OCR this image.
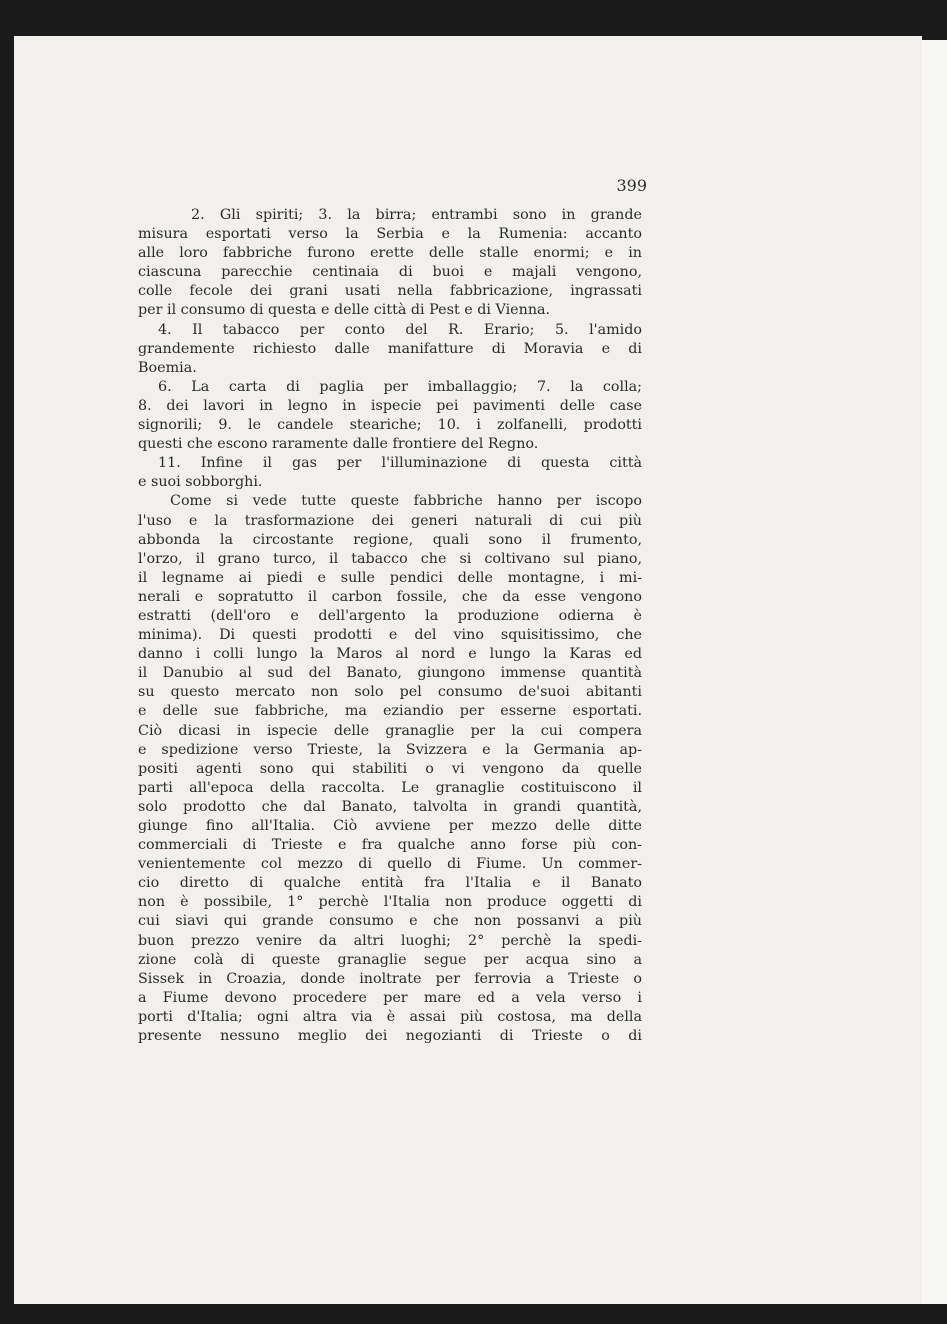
399

2. Gli spiriti; 3. la birra; entrambi sono in grande

misura esportati verso la Serbia e la Rumenia: accanto

alle loro fabbriche furono erette delle stalle enormi; e in

ciascuna parecchie centinaia di buoi e majali vengono,

colle fecole dei grani usati nella fabbricazione, ingrassati

per il consumo di questa e delle città di Pest e di Vienna.

4. Il tabacco per conto del R. Erario; 5. l'amido

grandemente richiesto dalle manifatture di Moravia e di

Boemia.

6. La carta di paglia per imballaggio; 7. la colla;

8. dei lavori in legno in ispecie pei pavimenti delle case

signorili; 9. le candele steariche; 10. i zolfanelli, prodotti

questi che escono raramente dalle frontiere del Regno.

11. Infine il gas per l'illuminazione di questa città

e suoi sobborghi.

Come si vede tutte queste fabbriche hanno per iscopo

l'uso e la trasformazione dei generi naturali di cui più

abbonda la circostante regione, quali sono il frumento,

l'orzo, il grano turco, il tabacco che si coltivano sul piano,

il legname ai piedi e sulle pendici delle montagne, i mi-

nerali e sopratutto il carbon fossile, che da esse vengono

estratti (dell'oro e dell'argento la produzione odierna è

minima). Di questi prodotti e del vino squisitissimo, che

danno i colli lungo la Maros al nord e lungo la Karas ed

il Danubio al sud del Banato, giungono immense quantità

su questo mercato non solo pel consumo de'suoi abitanti

e delle sue fabbriche, ma eziandio per esserne esportati.

Ciò dicasi in ispecie delle granaglie per la cui compera

e spedizione verso Trieste, la Svizzera e la Germania ap-

positi agenti sono qui stabiliti o vi vengono da quelle

parti all'epoca della raccolta. Le granaglie costituiscono il

solo prodotto che dal Banato, talvolta in grandi quantità,

giunge fino all'Italia. Ciò avviene per mezzo delle ditte

commerciali di Trieste e fra qualche anno forse più con-

venientemente col mezzo di quello di Fiume. Un commer-

cio diretto di qualche entità fra l'Italia e il Banato

non è possibile, 1° perchè l'Italia non produce oggetti di

cui siavi qui grande consumo e che non possanvi a più

buon prezzo venire da altri luoghi; 2° perchè la spedi-

zione colà di queste granaglie segue per acqua sino a

Sissek in Croazia, donde inoltrate per ferrovia a Trieste o

a Fiume devono procedere per mare ed a vela verso i

porti d'Italia; ogni altra via è assai più costosa, ma della

presente nessuno meglio dei negozianti di Trieste o di
